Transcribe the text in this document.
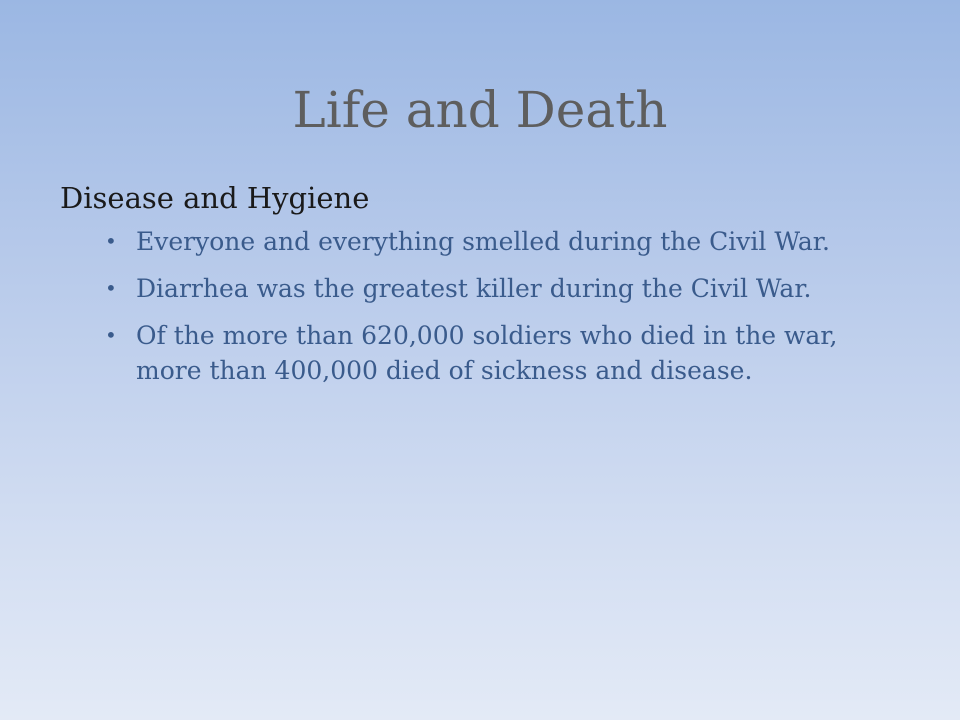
Life and Death
Disease and Hygiene
• Everyone and everything smelled during the Civil War.
• Diarrhea was the greatest killer during the Civil War.
• Of the more than 620,000 soldiers who died in the war, more than 400,000 died of sickness and disease.
